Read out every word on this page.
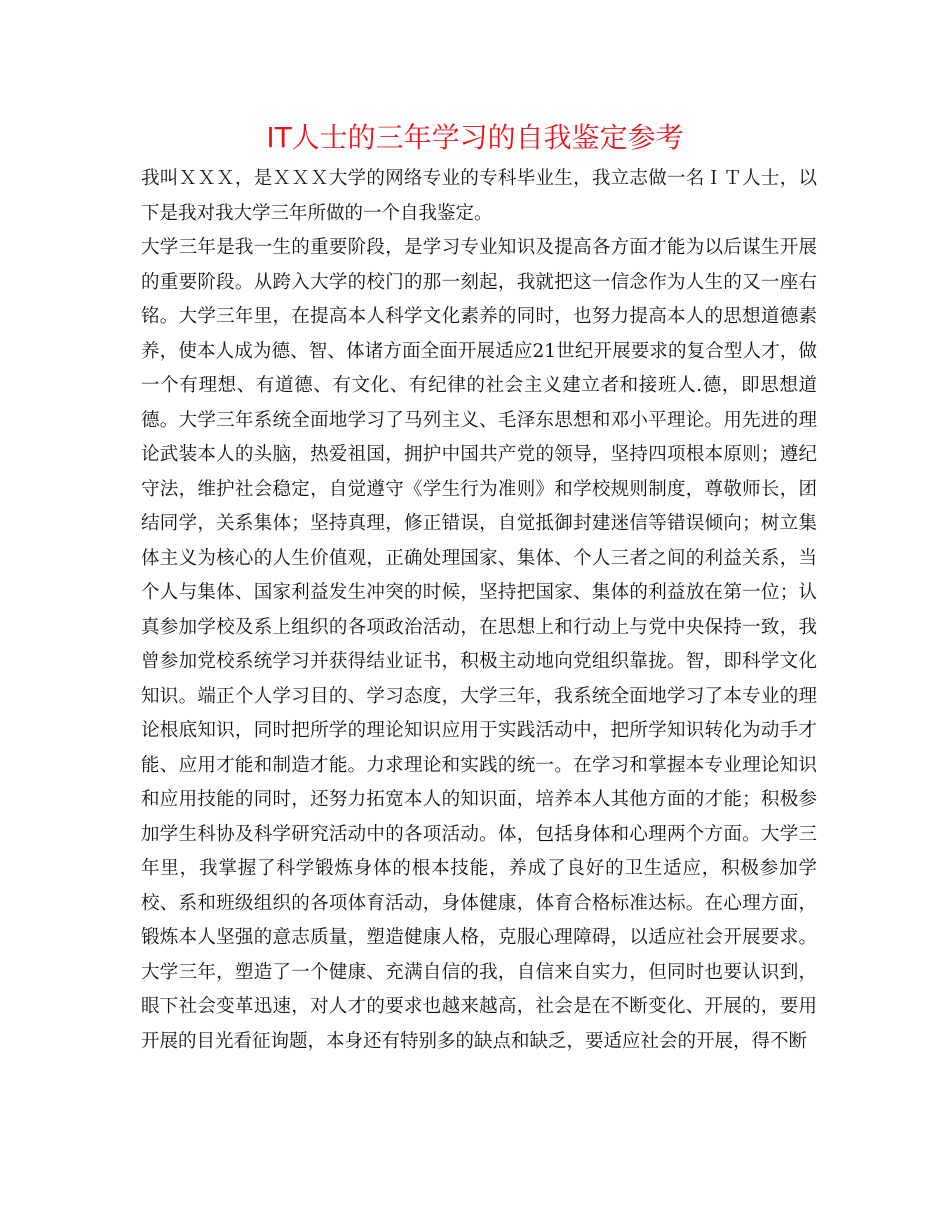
IT人士的三年学习的自我鉴定参考

我叫ＸＸＸ，是ＸＸＸ大学的网络专业的专科毕业生，我立志做一名ＩＴ人士，以下是我对我大学三年所做的一个自我鉴定。

大学三年是我一生的重要阶段，是学习专业知识及提高各方面才能为以后谋生开展的重要阶段。从跨入大学的校门的那一刻起，我就把这一信念作为人生的又一座右铭。大学三年里，在提高本人科学文化素养的同时，也努力提高本人的思想道德素养，使本人成为德、智、体诸方面全面开展适应21世纪开展要求的复合型人才，做一个有理想、有道德、有文化、有纪律的社会主义建立者和接班人.德，即思想道德。大学三年系统全面地学习了马列主义、毛泽东思想和邓小平理论。用先进的理论武装本人的头脑，热爱祖国，拥护中国共产党的领导，坚持四项根本原则；遵纪守法，维护社会稳定，自觉遵守《学生行为准则》和学校规则制度，尊敬师长，团结同学，关系集体；坚持真理，修正错误，自觉抵御封建迷信等错误倾向；树立集体主义为核心的人生价值观，正确处理国家、集体、个人三者之间的利益关系，当个人与集体、国家利益发生冲突的时候，坚持把国家、集体的利益放在第一位；认真参加学校及系上组织的各项政治活动，在思想上和行动上与党中央保持一致，我曾参加党校系统学习并获得结业证书，积极主动地向党组织靠拢。智，即科学文化知识。端正个人学习目的、学习态度，大学三年，我系统全面地学习了本专业的理论根底知识，同时把所学的理论知识应用于实践活动中，把所学知识转化为动手才能、应用才能和制造才能。力求理论和实践的统一。在学习和掌握本专业理论知识和应用技能的同时，还努力拓宽本人的知识面，培养本人其他方面的才能；积极参加学生科协及科学研究活动中的各项活动。体，包括身体和心理两个方面。大学三年里，我掌握了科学锻炼身体的根本技能，养成了良好的卫生适应，积极参加学校、系和班级组织的各项体育活动，身体健康，体育合格标准达标。在心理方面，锻炼本人坚强的意志质量，塑造健康人格，克服心理障碍，以适应社会开展要求。大学三年，塑造了一个健康、充满自信的我，自信来自实力，但同时也要认识到，眼下社会变革迅速，对人才的要求也越来越高，社会是在不断变化、开展的，要用开展的目光看征询题，本身还有特别多的缺点和缺乏，要适应社会的开展，得不断
